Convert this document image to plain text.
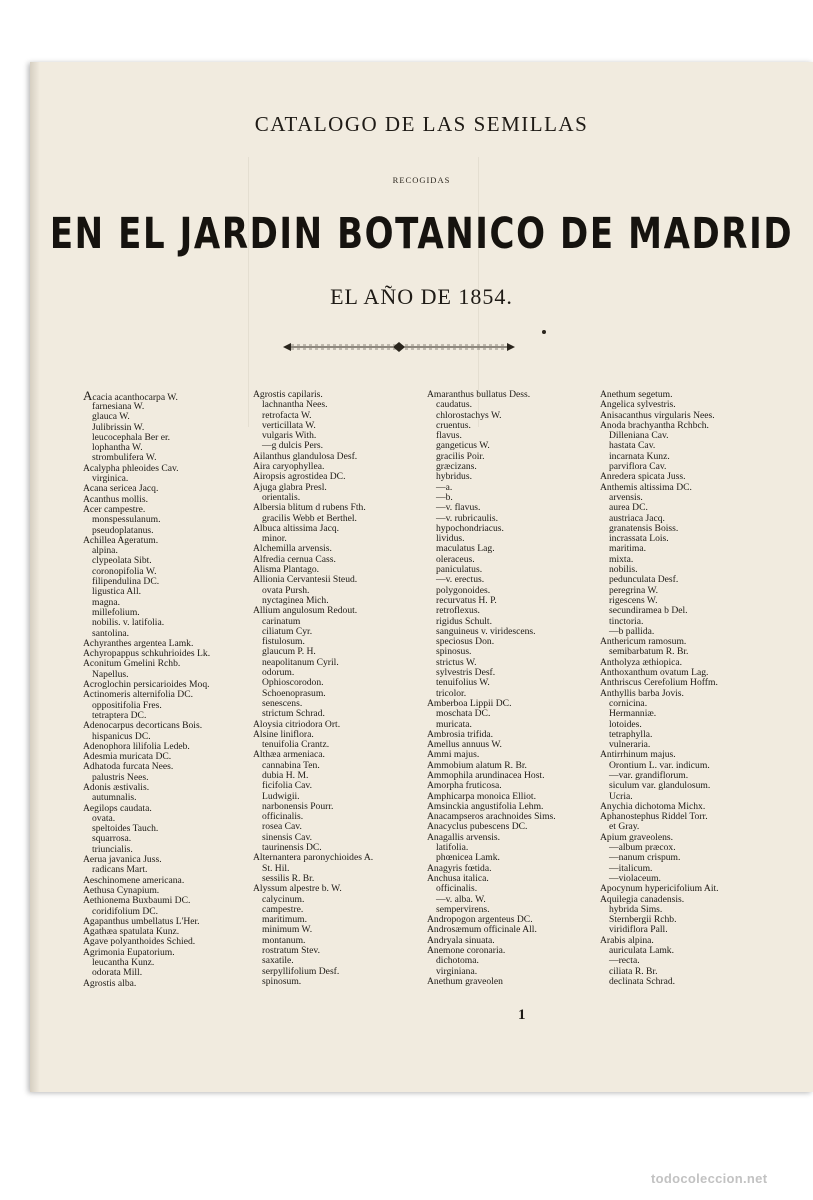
CATALOGO DE LAS SEMILLAS
RECOGIDAS
EN EL JARDIN BOTANICO DE MADRID
EL AÑO DE 1854.
Acacia acanthocarpa W.
farnesiana W.
glauca W.
Julibrissin W.
leucocephala Ber er.
lophantha W.
strombulifera W.
Acalypha phleoides Cav.
virginica.
Acana sericea Jacq.
Acanthus mollis.
Acer campestre.
monspessulanum.
pseudoplatanus.
Achillea Ageratum.
alpina.
clypeolata Sibt.
coronopifolia W.
filipendulina DC.
ligustica All.
magna.
millefolium.
nobilis. v. latifolia.
santolina.
Achyranthes argentea Lamk.
Achyropappus schkuhrioides Lk.
Aconitum Gmelini Rchb.
Napellus.
Acroglochin persicarioides Moq.
Actinomeris alternifolia DC.
oppositifolia Fres.
tetraptera DC.
Adenocarpus decorticans Bois.
hispanicus DC.
Adenophora lilifolia Ledeb.
Adesmia muricata DC.
Adhatoda furcata Nees.
palustris Nees.
Adonis æstivalis.
autumnalis.
Aegilops caudata.
ovata.
speltoides Tauch.
squarrosa.
triuncialis.
Aerua javanica Juss.
radicans Mart.
Aeschinomene americana.
Aethusa Cynapium.
Aethionema Buxbaumi DC.
coridifolium DC.
Agapanthus umbellatus L'Her.
Agathæa spatulata Kunz.
Agave polyanthoides Schied.
Agrimonia Eupatorium.
leucantha Kunz.
odorata Mill.
Agrostis alba.
Agrostis capilaris.
lachnantha Nees.
retrofacta W.
verticillata W.
vulgaris With.
—g dulcis Pers.
Ailanthus glandulosa Desf.
Aira caryophyllea.
Airopsis agrostidea DC.
Ajuga glabra Presl.
orientalis.
Albersia blitum d rubens Fth.
gracilis Webb et Berthel.
Albuca altissima Jacq.
minor.
Alchemilla arvensis.
Alfredia cernua Cass.
Alisma Plantago.
Allionia Cervantesii Steud.
ovata Pursh.
nyctaginea Mich.
Allium angulosum Redout.
carinatum
ciliatum Cyr.
fistulosum.
glaucum P. H.
neapolitanum Cyril.
odorum.
Ophioscorodon.
Schoenoprasum.
senescens.
strictum Schrad.
Aloysia citriodora Ort.
Alsine liniflora.
tenuifolia Crantz.
Althæa armeniaca.
cannabina Ten.
dubia H. M.
ficifolia Cav.
Ludwigii.
narbonensis Pourr.
officinalis.
rosea Cav.
sinensis Cav.
taurinensis DC.
Alternantera paronychioides A.
St. Hil.
sessilis R. Br.
Alyssum alpestre b. W.
calycinum.
campestre.
maritimum.
minimum W.
montanum.
rostratum Stev.
saxatile.
serpyllifolium Desf.
spinosum.
Amaranthus bullatus Dess.
caudatus.
chlorostachys W.
cruentus.
flavus.
gangeticus W.
gracilis Poir.
græcizans.
hybridus.
—a.
—b.
—v. flavus.
—v. rubricaulis.
hypochondriacus.
lividus.
maculatus Lag.
oleraceus.
paniculatus.
—v. erectus.
polygonoides.
recurvatus H. P.
retroflexus.
rigidus Schult.
sanguineus v. viridescens.
speciosus Don.
spinosus.
strictus W.
sylvestris Desf.
tenuifolius W.
tricolor.
Amberboa Lippii DC.
moschata DC.
muricata.
Ambrosia trifida.
Amellus annuus W.
Ammi majus.
Ammobium alatum R. Br.
Ammophila arundinacea Host.
Amorpha fruticosa.
Amphicarpa monoica Elliot.
Amsinckia angustifolia Lehm.
Anacampseros arachnoides Sims.
Anacyclus pubescens DC.
Anagallis arvensis.
latifolia.
phœnicea Lamk.
Anagyris fœtida.
Anchusa italica.
officinalis.
—v. alba. W.
sempervirens.
Andropogon argenteus DC.
Androsæmum officinale All.
Andryala sinuata.
Anemone coronaria.
dichotoma.
virginiana.
Anethum graveolen
Anethum segetum.
Angelica sylvestris.
Anisacanthus virgularis Nees.
Anoda brachyantha Rchbch.
Dilleniana Cav.
hastata Cav.
incarnata Kunz.
parviflora Cav.
Anredera spicata Juss.
Anthemis altissima DC.
arvensis.
aurea DC.
austriaca Jacq.
granatensis Boiss.
incrassata Lois.
maritima.
mixta.
nobilis.
pedunculata Desf.
peregrina W.
rigescens W.
secundiramea b Del.
tinctoria.
—b pallida.
Anthericum ramosum.
semibarbatum R. Br.
Antholyza æthiopica.
Anthoxanthum ovatum Lag.
Anthriscus Cerefolium Hoffm.
Anthyllis barba Jovis.
cornicina.
Hermanniæ.
lotoides.
tetraphylla.
vulneraria.
Antirrhinum majus.
Orontium L. var. indicum.
—var. grandiflorum.
siculum var. glandulosum.
Ucria.
Anychia dichotoma Michx.
Aphanostephus Riddel Torr.
et Gray.
Apium graveolens.
—album præcox.
—nanum crispum.
—italicum.
—violaceum.
Apocynum hypericifolium Ait.
Aquilegia canadensis.
hybrida Sims.
Sternbergii Rchb.
viridiflora Pall.
Arabis alpina.
auriculata Lamk.
—recta.
ciliata R. Br.
declinata Schrad.
1
todocoleccion.net
